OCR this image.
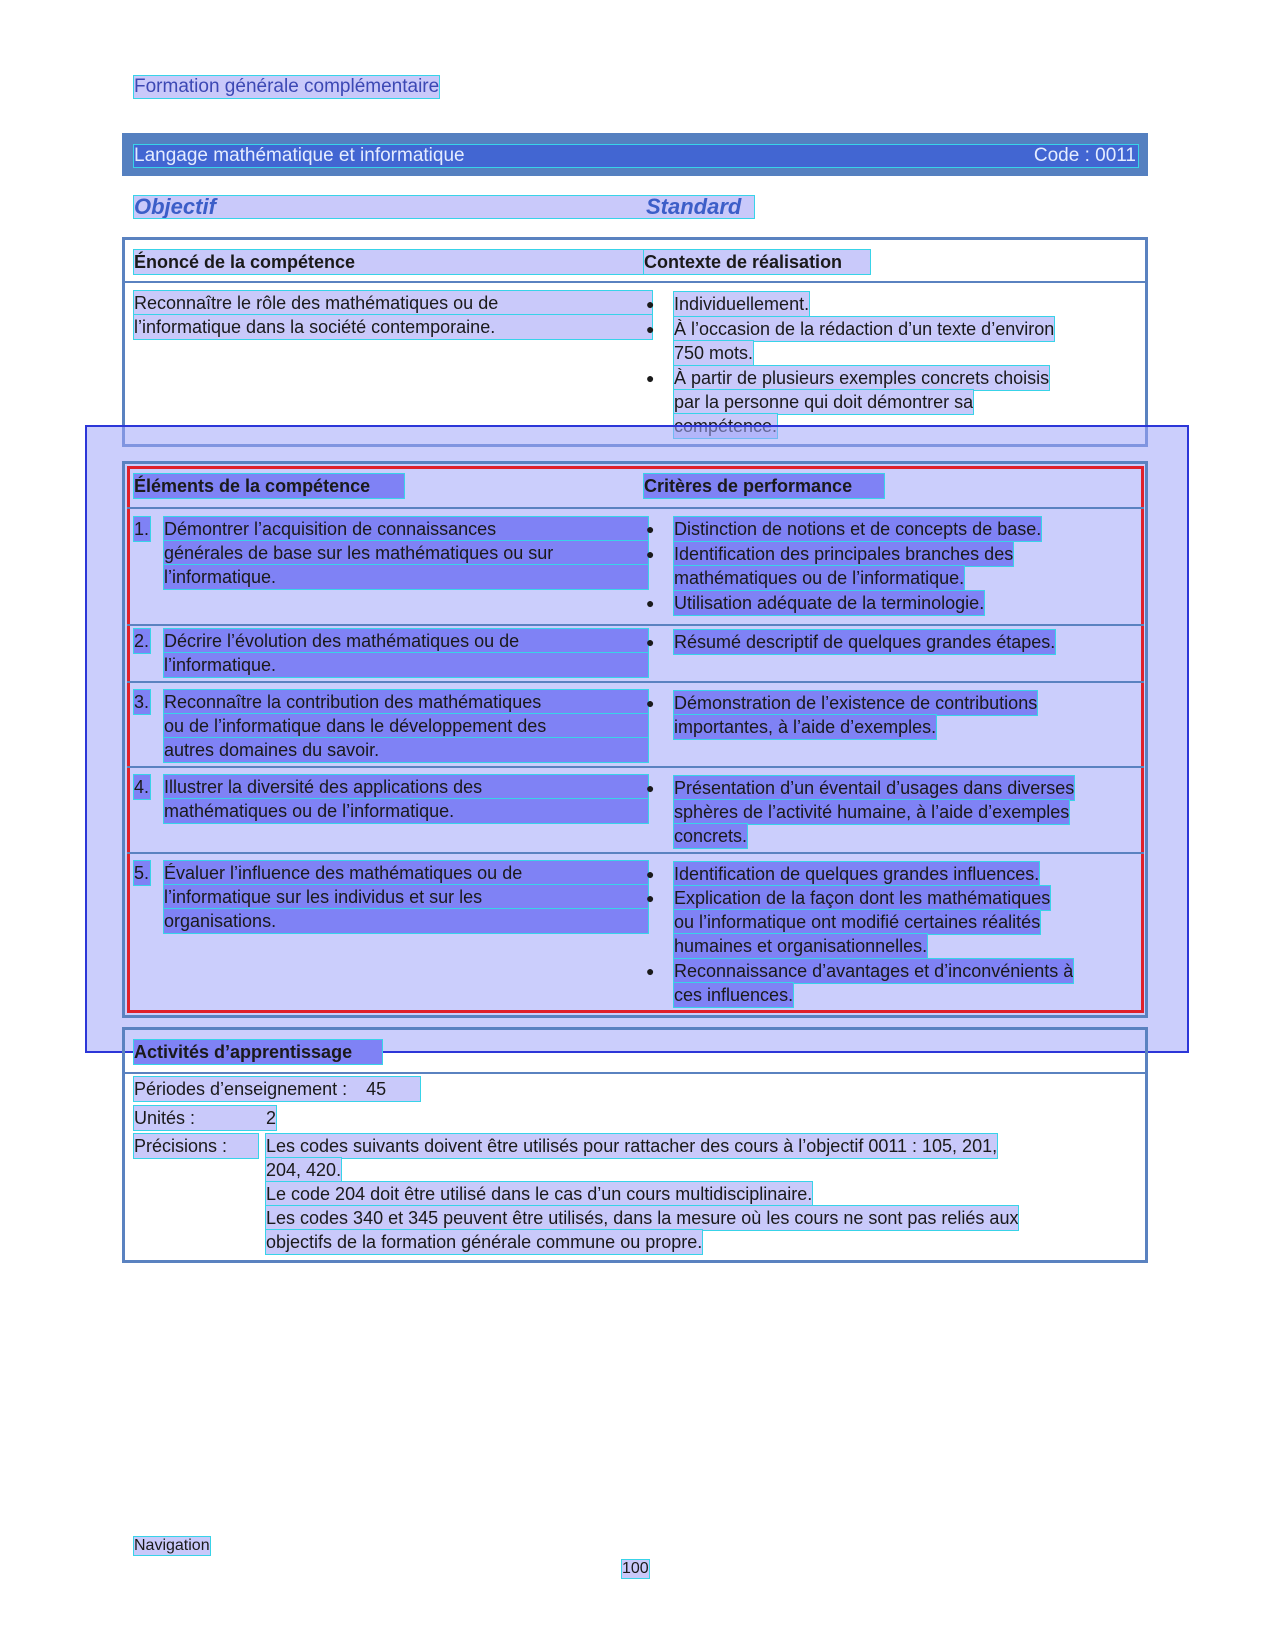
Formation générale complémentaire
Langage mathématique et informatique	Code : 0011
Objectif	Standard
Énoncé de la compétence	Contexte de réalisation
Reconnaître le rôle des mathématiques ou de
l’informatique dans la société contemporaine.
● Individuellement.
● À l’occasion de la rédaction d’un texte d’environ
750 mots.
● À partir de plusieurs exemples concrets choisis
par la personne qui doit démontrer sa
Éléments de la compétence	Critères de performance
1. Démontrer l’acquisition de connaissances
générales de base sur les mathématiques ou sur
l’informatique.
● Distinction de notions et de concepts de base.
● Identification des principales branches des
mathématiques ou de l’informatique.
● Utilisation adéquate de la terminologie.
2. Décrire l’évolution des mathématiques ou de
l’informatique.
● Résumé descriptif de quelques grandes étapes.
3. Reconnaître la contribution des mathématiques
ou de l’informatique dans le développement des
autres domaines du savoir.
● Démonstration de l’existence de contributions
importantes, à l’aide d’exemples.
4. Illustrer la diversité des applications des
mathématiques ou de l’informatique.
● Présentation d’un éventail d’usages dans diverses
sphères de l’activité humaine, à l’aide d’exemples
concrets.
5. Évaluer l’influence des mathématiques ou de
l’informatique sur les individus et sur les
organisations.
● Identification de quelques grandes influences.
● Explication de la façon dont les mathématiques
ou l’informatique ont modifié certaines réalités
humaines et organisationnelles.
● Reconnaissance d’avantages et d’inconvénients à
ces influences.
Activités d’apprentissage
Périodes d’enseignement : 45
Unités :	2
Précisions :	Les codes suivants doivent être utilisés pour rattacher des cours à l’objectif 0011 : 105, 201,
204, 420.
Le code 204 doit être utilisé dans le cas d’un cours multidisciplinaire.
Les codes 340 et 345 peuvent être utilisés, dans la mesure où les cours ne sont pas reliés aux
objectifs de la formation générale commune ou propre.
Navigation
100
